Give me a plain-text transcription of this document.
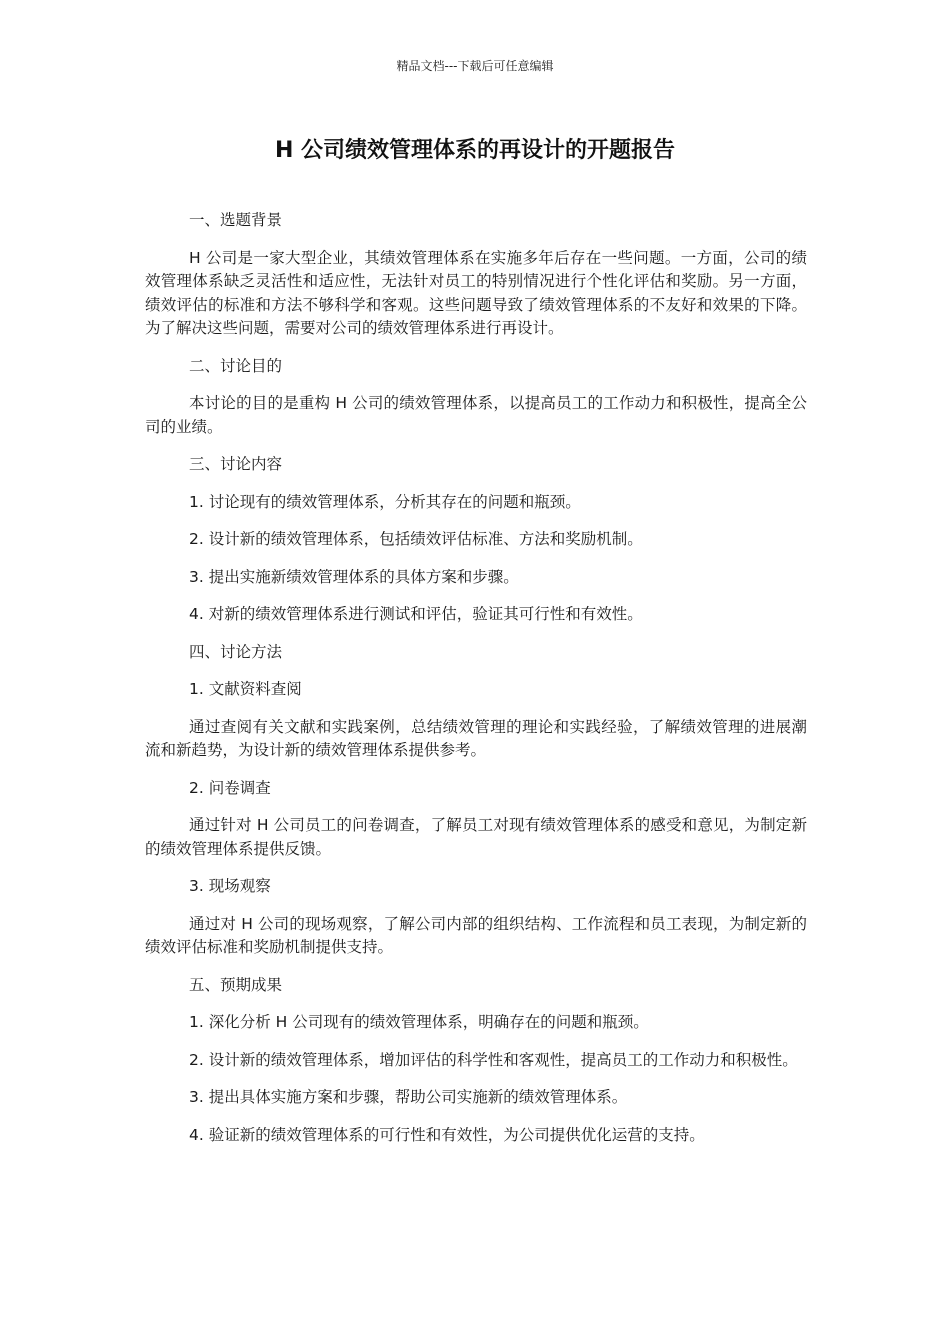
精品文档---下载后可任意编辑
H 公司绩效管理体系的再设计的开题报告

一、选题背景

H 公司是一家大型企业，其绩效管理体系在实施多年后存在一些问题。一方面，公司的绩效管理体系缺乏灵活性和适应性，无法针对员工的特别情况进行个性化评估和奖励。另一方面，绩效评估的标准和方法不够科学和客观。这些问题导致了绩效管理体系的不友好和效果的下降。为了解决这些问题，需要对公司的绩效管理体系进行再设计。

二、讨论目的

本讨论的目的是重构 H 公司的绩效管理体系，以提高员工的工作动力和积极性，提高全公司的业绩。

三、讨论内容

1. 讨论现有的绩效管理体系，分析其存在的问题和瓶颈。

2. 设计新的绩效管理体系，包括绩效评估标准、方法和奖励机制。

3. 提出实施新绩效管理体系的具体方案和步骤。

4. 对新的绩效管理体系进行测试和评估，验证其可行性和有效性。

四、讨论方法

1. 文献资料查阅

通过查阅有关文献和实践案例，总结绩效管理的理论和实践经验，了解绩效管理的进展潮流和新趋势，为设计新的绩效管理体系提供参考。

2. 问卷调查

通过针对 H 公司员工的问卷调查，了解员工对现有绩效管理体系的感受和意见，为制定新的绩效管理体系提供反馈。

3. 现场观察

通过对 H 公司的现场观察，了解公司内部的组织结构、工作流程和员工表现，为制定新的绩效评估标准和奖励机制提供支持。

五、预期成果

1. 深化分析 H 公司现有的绩效管理体系，明确存在的问题和瓶颈。

2. 设计新的绩效管理体系，增加评估的科学性和客观性，提高员工的工作动力和积极性。

3. 提出具体实施方案和步骤，帮助公司实施新的绩效管理体系。

4. 验证新的绩效管理体系的可行性和有效性，为公司提供优化运营的支持。
